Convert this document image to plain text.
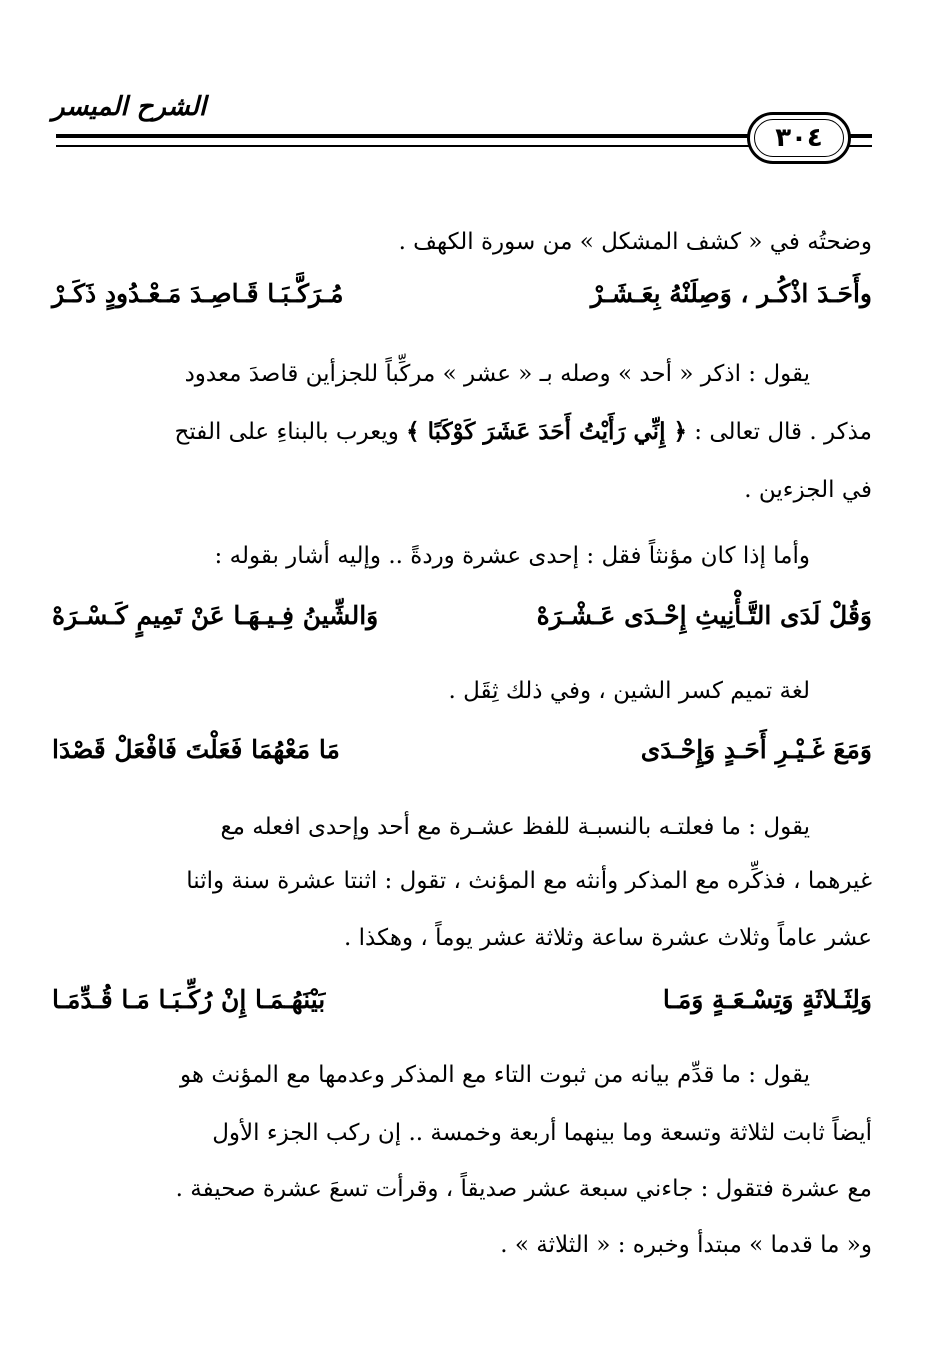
الشرح الميسر
٣٠٤
وضحتُه في « كشف المشكل » من سورة الكهف .
وأَحَـدَ اذْكُـر ، وَصِلَنْهُ بِعَـشَـرْ
مُـرَكَّـبَـا قَـاصِـدَ مَـعْـدُودٍ ذَكَـرْ
يقول : اذكر « أحد » وصله بـ « عشر » مركِّباً للجزأين قاصدَ معدود
مذكر . قال تعالى : ﴿ إِنِّي رَأَيْتُ أَحَدَ عَشَرَ كَوْكَبًا ﴾ ويعرب بالبناءِ على الفتح
في الجزءين .
وأما إذا كان مؤنثاً فقل : إحدى عشرة وردةً .. وإليه أشار بقوله :
وَقُلْ لَدَى التَّـأْنِيثِ إِحْـدَى عَـشْـرَهْ
وَالشِّينُ فِـيـهَـا عَنْ تَمِيمٍ كَـسْـرَهْ
لغة تميم كسر الشين ، وفي ذلك ثِقَل .
وَمَعَ غَـيْـرِ أَحَـدٍ وَإِحْـدَى
مَا مَعْهُمَا فَعَلْتَ فَافْعَلْ قَصْدَا
يقول : ما فعلتـه بالنسبـة للفظ عشـرة مع أحد وإحدى افعله مع
غيرهما ، فذكِّره مع المذكر وأنثه مع المؤنث ، تقول : اثنتا عشرة سنة واثنا
عشر عاماً وثلاث عشرة ساعة وثلاثة عشر يوماً ، وهكذا .
وَلِثَـلاثَةٍ وَتِسْـعَـةٍ وَمَـا
بَيْنَهُـمَـا إِنْ رُكِّـبَـا مَـا قُـدِّمَـا
يقول : ما قدِّم بيانه من ثبوت التاء مع المذكر وعدمها مع المؤنث هو
أيضاً ثابت لثلاثة وتسعة وما بينهما أربعة وخمسة .. إن ركب الجزء الأول
مع عشرة فتقول : جاءني سبعة عشر صديقاً ، وقرأت تسعَ عشرة صحيفة .
و« ما قدما » مبتدأ وخبره : « الثلاثة » .
